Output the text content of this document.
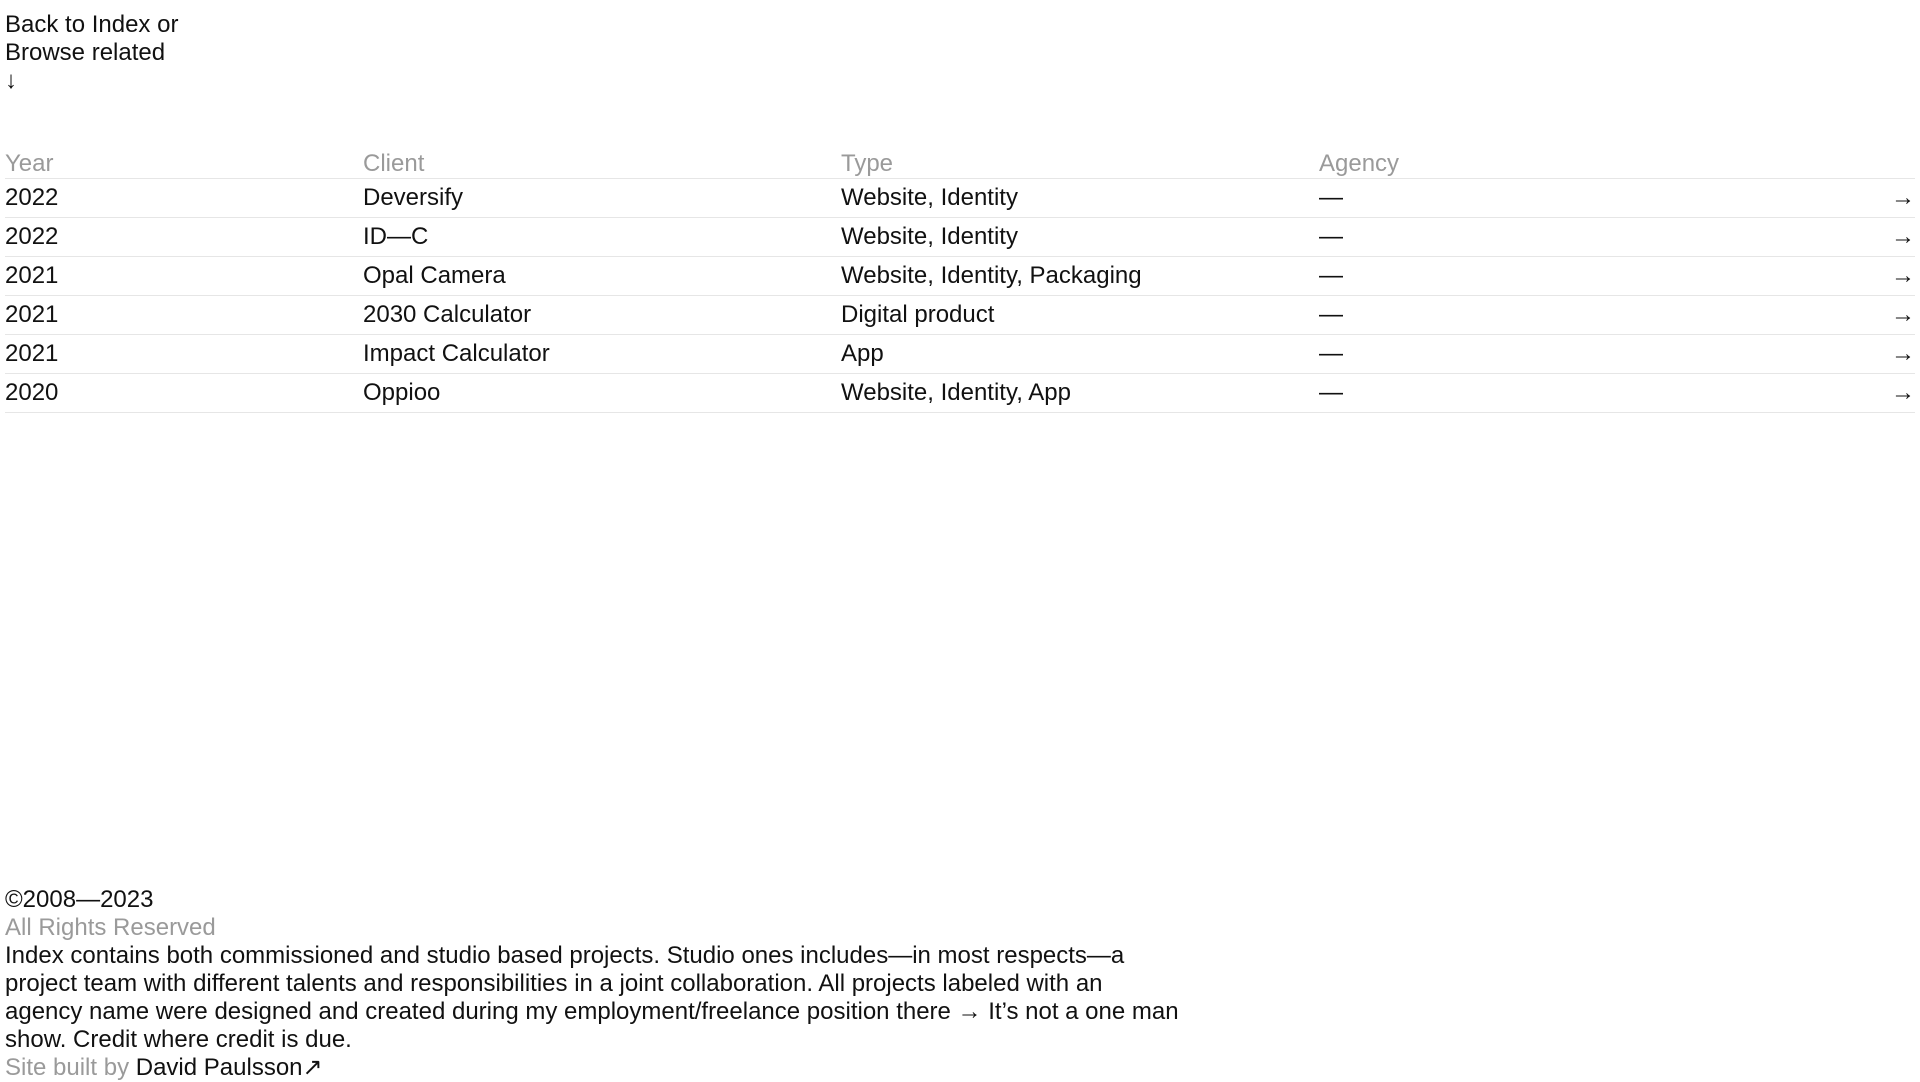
Back to Index or
Browse related
↓
Year	Client	Type	Agency
2022	Deversify	Website, Identity	—	→
2022	ID—C	Website, Identity	—	→
2021	Opal Camera	Website, Identity, Packaging	—	→
2021	2030 Calculator	Digital product	—	→
2021	Impact Calculator	App	—	→
2020	Oppioo	Website, Identity, App	—	→
©2008—2023
All Rights Reserved

Index contains both commissioned and studio based projects. Studio ones includes—in most respects—a project team with different talents and responsibilities in a joint collaboration. All projects labeled with an agency name were designed and created during my employment/freelance position there → It’s not a one man show. Credit where credit is due.

Site built by David Paulsson↗
